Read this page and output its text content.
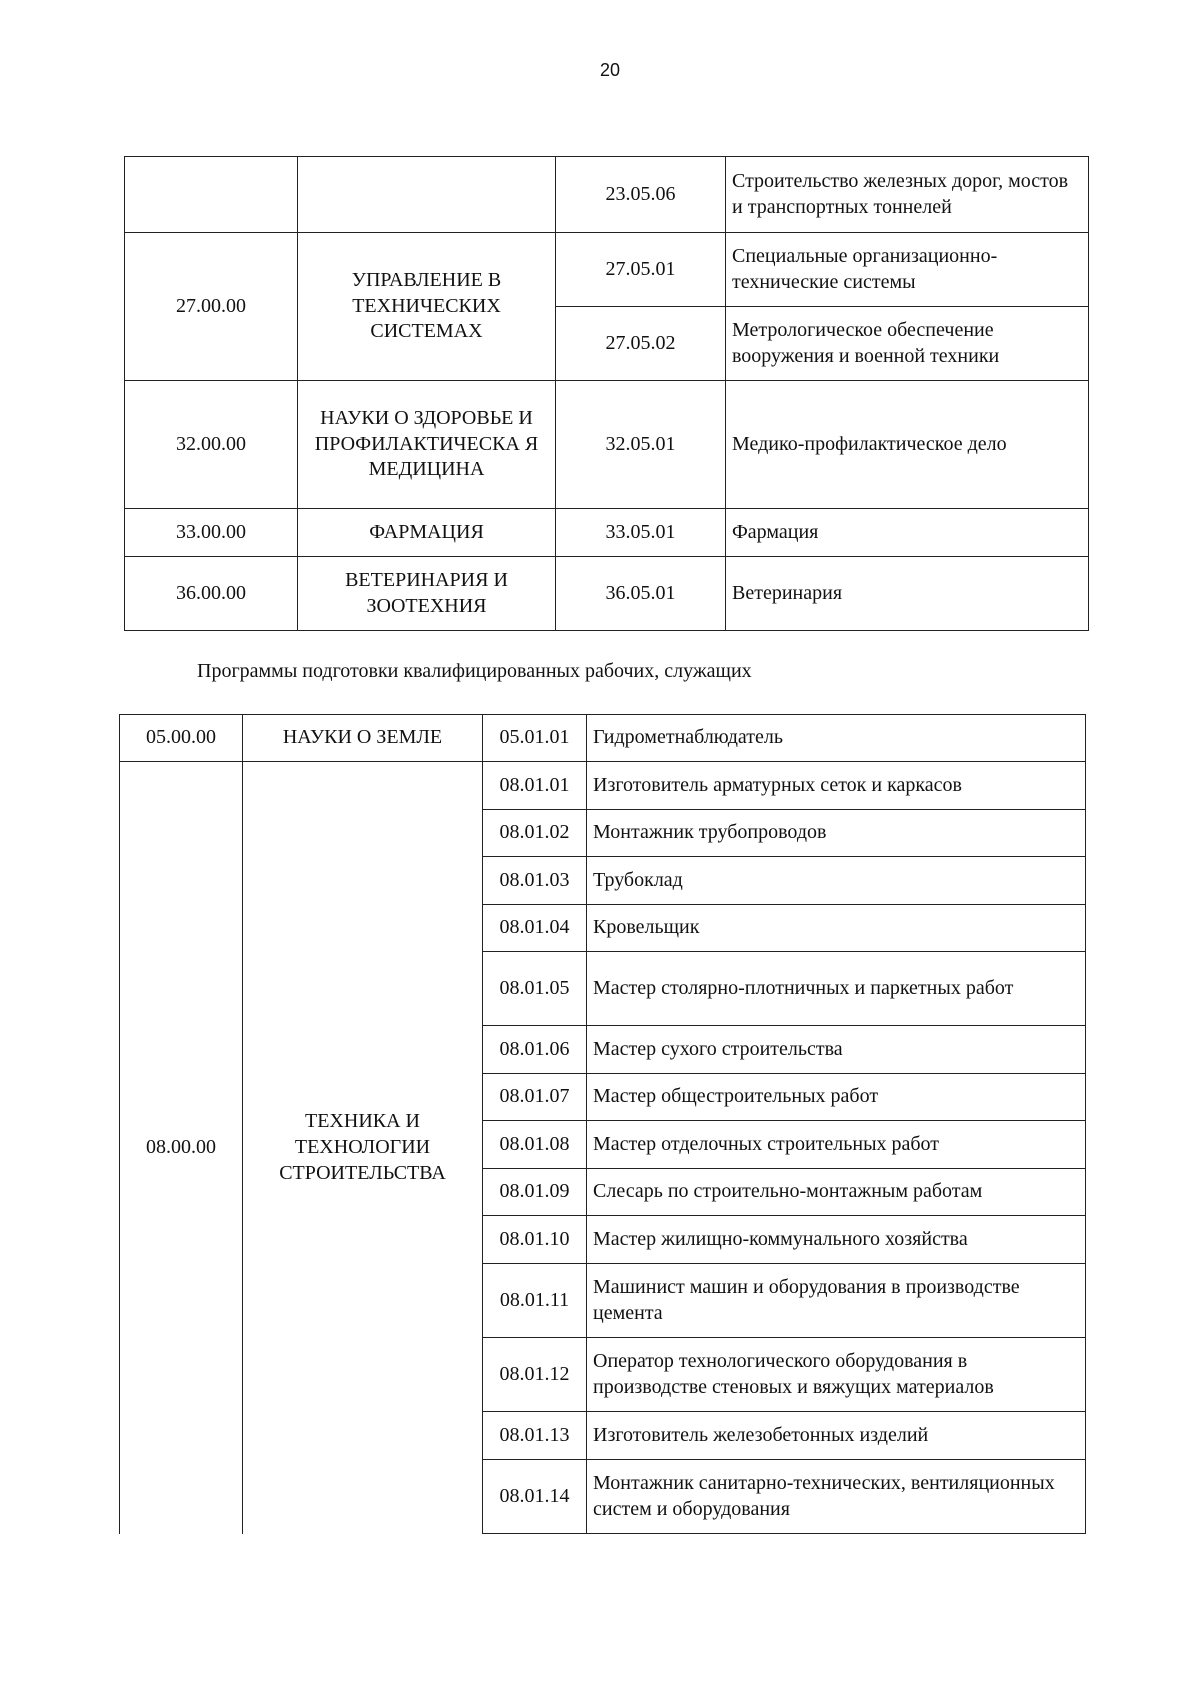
20
		23.05.06	Строительство железных дорог, мостов и транспортных тоннелей
27.00.00	УПРАВЛЕНИЕ В ТЕХНИЧЕСКИХ СИСТЕМАХ	27.05.01	Специальные организационно-технические системы
		27.05.02	Метрологическое обеспечение вооружения и военной техники
32.00.00	НАУКИ О ЗДОРОВЬЕ И ПРОФИЛАКТИЧЕСКА Я МЕДИЦИНА	32.05.01	Медико-профилактическое дело
33.00.00	ФАРМАЦИЯ	33.05.01	Фармация
36.00.00	ВЕТЕРИНАРИЯ И ЗООТЕХНИЯ	36.05.01	Ветеринария
Программы подготовки квалифицированных рабочих, служащих
05.00.00	НАУКИ О ЗЕМЛЕ	05.01.01	Гидрометнаблюдатель
08.00.00	ТЕХНИКА И ТЕХНОЛОГИИ СТРОИТЕЛЬСТВА	08.01.01	Изготовитель арматурных сеток и каркасов
		08.01.02	Монтажник трубопроводов
		08.01.03	Трубоклад
		08.01.04	Кровельщик
		08.01.05	Мастер столярно-плотничных и паркетных работ
		08.01.06	Мастер сухого строительства
		08.01.07	Мастер общестроительных работ
		08.01.08	Мастер отделочных строительных работ
		08.01.09	Слесарь по строительно-монтажным работам
		08.01.10	Мастер жилищно-коммунального хозяйства
		08.01.11	Машинист машин и оборудования в производстве цемента
		08.01.12	Оператор технологического оборудования в производстве стеновых и вяжущих материалов
		08.01.13	Изготовитель железобетонных изделий
		08.01.14	Монтажник санитарно-технических, вентиляционных систем и оборудования
